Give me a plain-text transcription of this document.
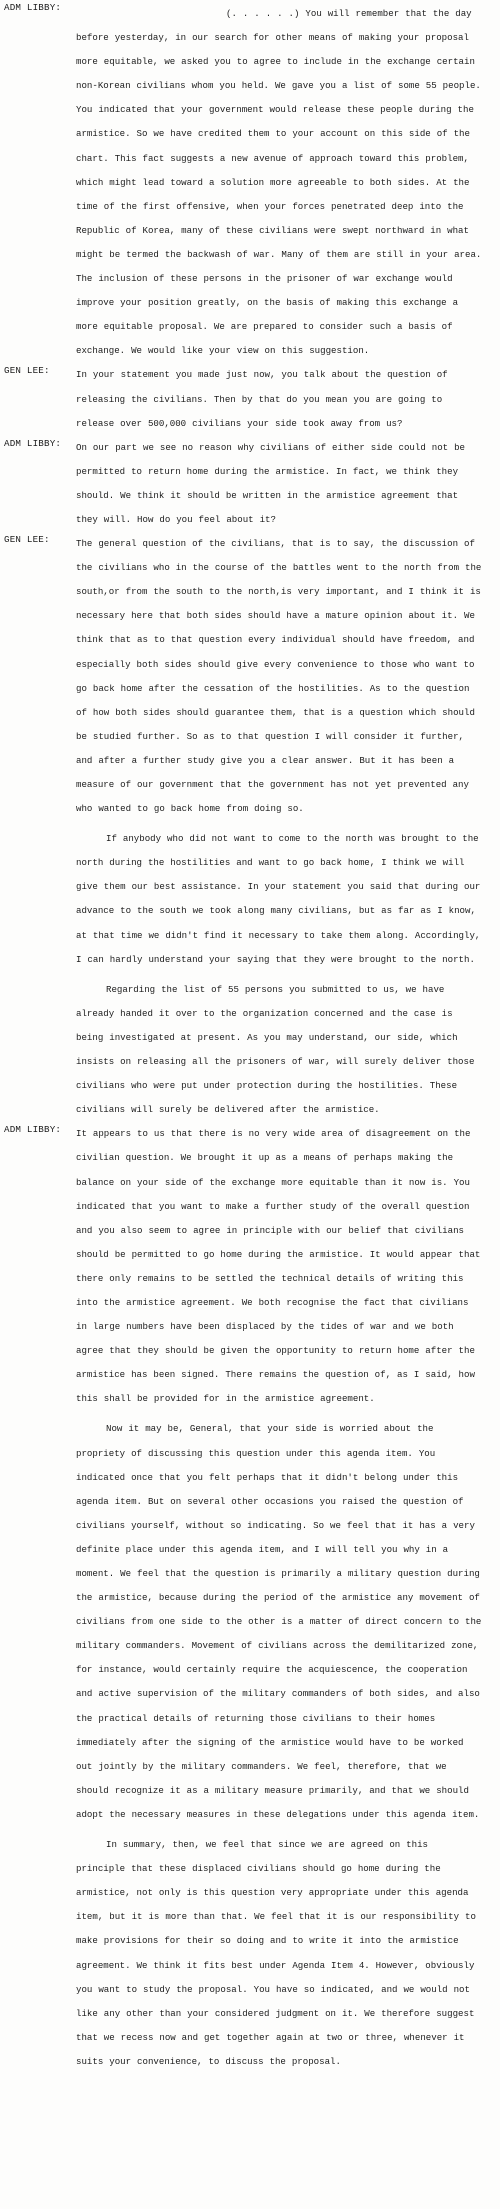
ADM LIBBY:

(. . . . . .) You will remember that the day before yesterday, in our search for other means of making your proposal more equitable, we asked you to agree to include in the exchange certain non-Korean civilians whom you held. We gave you a list of some 55 people. You indicated that your government would release these people during the armistice. So we have credited them to your account on this side of the chart. This fact suggests a new avenue of approach toward this problem, which might lead toward a solution more agreeable to both sides. At the time of the first offensive, when your forces penetrated deep into the Republic of Korea, many of these civilians were swept northward in what might be termed the backwash of war. Many of them are still in your area. The inclusion of these persons in the prisoner of war exchange would improve your position greatly, on the basis of making this exchange a more equitable proposal. We are prepared to consider such a basis of exchange. We would like your view on this suggestion.

GEN LEE:	In your statement you made just now, you talk about the question of releasing the civilians. Then by that do you mean you are going to release over 500,000 civilians your side took away from us?

ADM LIBBY: On our part we see no reason why civilians of either side could not be permitted to return home during the armistice. In fact, we think they should. We think it should be written in the armistice agreement that they will. How do you feel about it?

GEN LEE:	The general question of the civilians, that is to say, the discussion of the civilians who in the course of the battles went to the north from the south,or from the south to the north,is very important, and I think it is necessary here that both sides should have a mature opinion about it. We think that as to that question every individual should have freedom, and especially both sides should give every convenience to those who want to go back home after the cessation of the hostilities. As to the question of how both sides should guarantee them, that is a question which should be studied further. So as to that question I will consider it further, and after a further study give you a clear answer. But it has been a measure of our government that the government has not yet prevented any who wanted to go back home from doing so.

If anybody who did not want to come to the north was brought to the north during the hostilities and want to go back home, I think we will give them our best assistance. In your statement you said that during our advance to the south we took along many civilians, but as far as I know, at that time we didn't find it necessary to take them along. Accordingly, I can hardly understand your saying that they were brought to the north.

Regarding the list of 55 persons you submitted to us, we have already handed it over to the organization concerned and the case is being investigated at present. As you may understand, our side, which insists on releasing all the prisoners of war, will surely deliver those civilians who were put under protection during the hostilities. These civilians will surely be delivered after the armistice.

ADM LIBBY: It appears to us that there is no very wide area of disagreement on the civilian question. We brought it up as a means of perhaps making the balance on your side of the exchange more equitable than it now is. You indicated that you want to make a further study of the overall question and you also seem to agree in principle with our belief that civilians should be permitted to go home during the armistice. It would appear that there only remains to be settled the technical details of writing this into the armistice agreement. We both recognise the fact that civilians in large numbers have been displaced by the tides of war and we both agree that they should be given the opportunity to return home after the armistice has been signed. There remains the question of, as I said, how this shall be provided for in the armistice agreement.

Now it may be, General, that your side is worried about the propriety of discussing this question under this agenda item. You indicated once that you felt perhaps that it didn't belong under this agenda item. But on several other occasions you raised the question of civilians yourself, without so indicating. So we feel that it has a very definite place under this agenda item, and I will tell you why in a moment. We feel that the question is primarily a military question during the armistice, because during the period of the armistice any movement of civilians from one side to the other is a matter of direct concern to the military commanders. Movement of civilians across the demilitarized zone, for instance, would certainly require the acquiescence, the cooperation and active supervision of the military commanders of both sides, and also the practical details of returning those civilians to their homes immediately after the signing of the armistice would have to be worked out jointly by the military commanders. We feel, therefore, that we should recognize it as a military measure primarily, and that we should adopt the necessary measures in these delegations under this agenda item.

In summary, then, we feel that since we are agreed on this principle that these displaced civilians should go home during the armistice, not only is this question very appropriate under this agenda item, but it is more than that. We feel that it is our responsibility to make provisions for their so doing and to write it into the armistice agreement. We think it fits best under Agenda Item 4. However, obviously you want to study the proposal. You have so indicated, and we would not like any other than your considered judgment on it. We therefore suggest that we recess now and get together again at two or three, whenever it suits your convenience, to discuss the proposal.
